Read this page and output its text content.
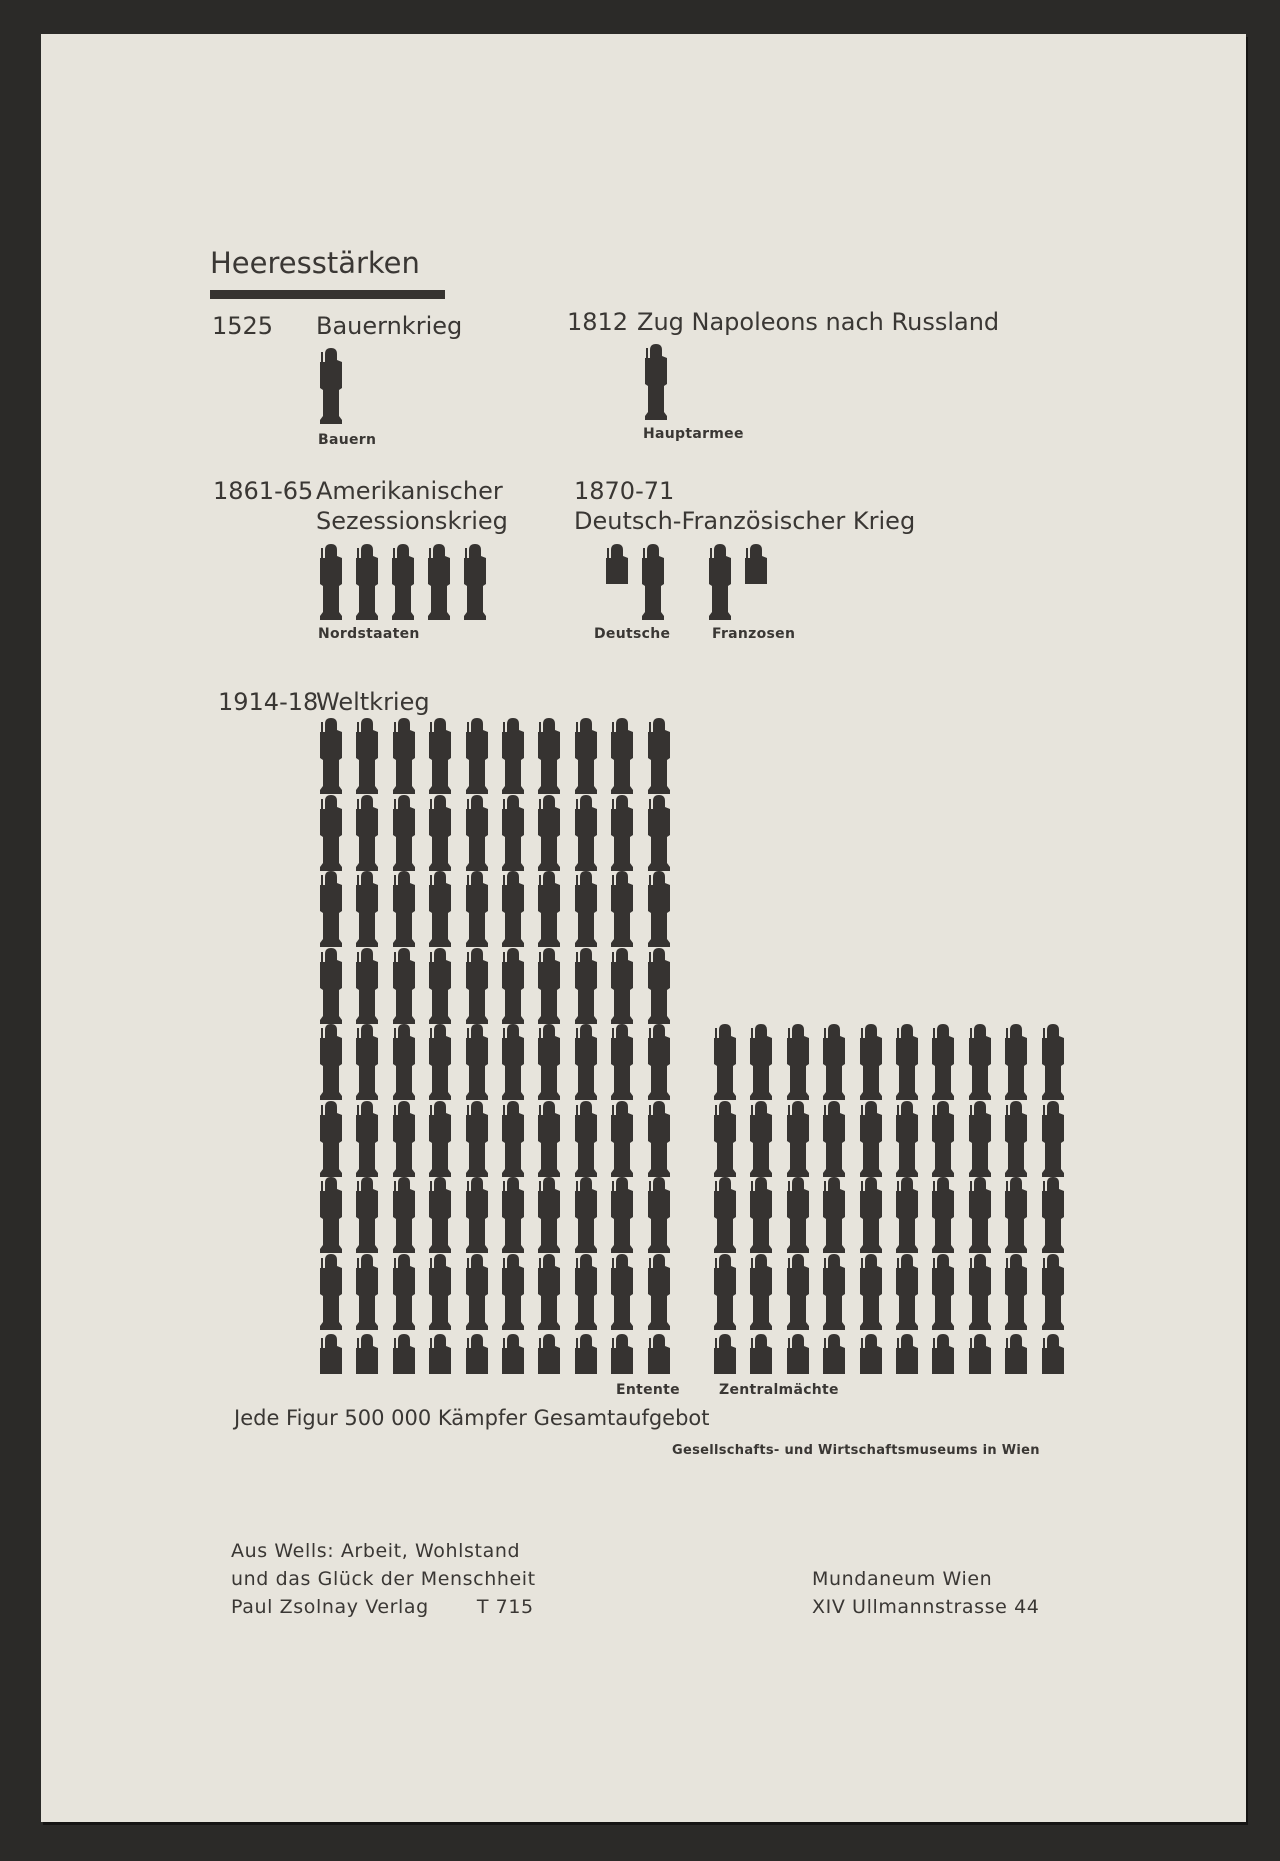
Heeresstärken
1525 Bauernkrieg
Bauern
1812 Zug Napoleons nach Russland
Hauptarmee
1861-65 Amerikanischer
Sezessionskrieg
Nordstaaten
1870-71
Deutsch-Französischer Krieg
Deutsche	Franzosen
1914-18
Weltkrieg
Entente	Zentralmächte
Jede Figur 500 000 Kämpfer Gesamtaufgebot
Gesellschafts- und Wirtschaftsmuseums in Wien
Aus Wells: Arbeit, Wohlstand
und das Glück der Menschheit
Paul Zsolnay Verlag	T 715
Mundaneum Wien
XIV Ullmannstrasse 44
